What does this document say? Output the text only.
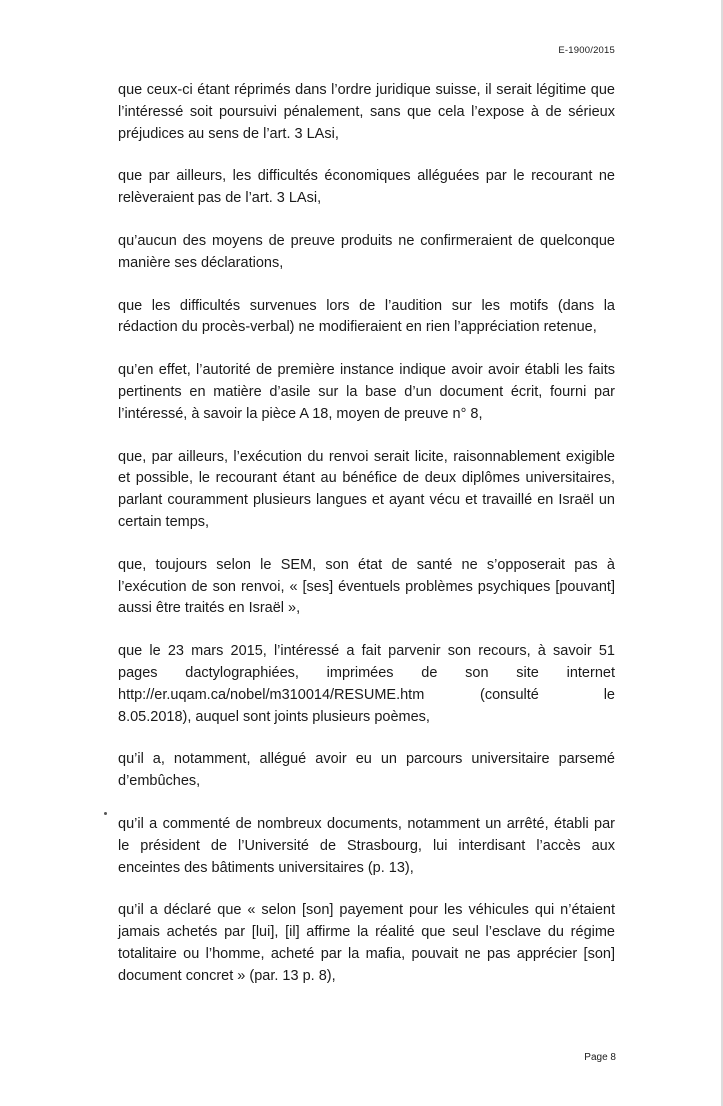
E-1900/2015

que ceux-ci étant réprimés dans l’ordre juridique suisse, il serait légitime que l’intéressé soit poursuivi pénalement, sans que cela l’expose à de sérieux préjudices au sens de l’art. 3 LAsi,

que par ailleurs, les difficultés économiques alléguées par le recourant ne relèveraient pas de l’art. 3 LAsi,

qu’aucun des moyens de preuve produits ne confirmeraient de quelconque manière ses déclarations,

que les difficultés survenues lors de l’audition sur les motifs (dans la rédaction du procès-verbal) ne modifieraient en rien l’appréciation retenue,

qu’en effet, l’autorité de première instance indique avoir avoir établi les faits pertinents en matière d’asile sur la base d’un document écrit, fourni par l’intéressé, à savoir la pièce A 18, moyen de preuve n° 8,

que, par ailleurs, l’exécution du renvoi serait licite, raisonnablement exigible et possible, le recourant étant au bénéfice de deux diplômes universitaires, parlant couramment plusieurs langues et ayant vécu et travaillé en Israël un certain temps,

que, toujours selon le SEM, son état de santé ne s’opposerait pas à l’exécution de son renvoi, « [ses] éventuels problèmes psychiques [pouvant] aussi être traités en Israël »,

que le 23 mars 2015, l’intéressé a fait parvenir son recours, à savoir 51 pages dactylographiées, imprimées de son site internet
http://er.uqam.ca/nobel/m310014/RESUME.htm	(consulté	le
8.05.2018), auquel sont joints plusieurs poèmes,

qu’il a, notamment, allégué avoir eu un parcours universitaire parsemé d’embûches,

qu’il a commenté de nombreux documents, notamment un arrêté, établi par le président de l’Université de Strasbourg, lui interdisant l’accès aux enceintes des bâtiments universitaires (p. 13),

qu’il a déclaré que « selon [son] payement pour les véhicules qui n’étaient jamais achetés par [lui], [il] affirme la réalité que seul l’esclave du régime totalitaire ou l’homme, acheté par la mafia, pouvait ne pas apprécier [son] document concret » (par. 13 p. 8),

Page 8
